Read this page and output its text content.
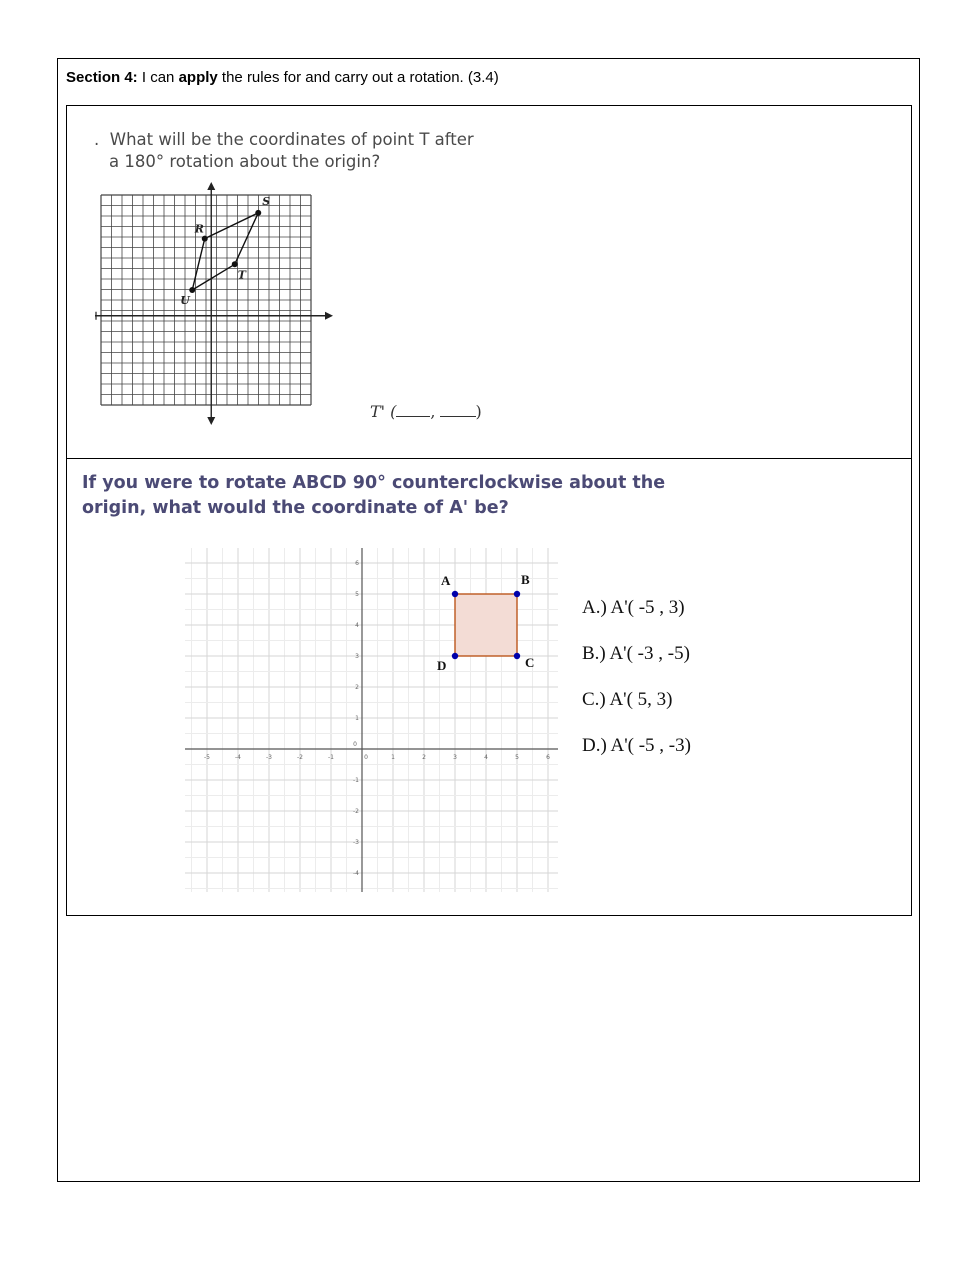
Section 4: I can apply the rules for and carry out a rotation. (3.4)
. What will be the coordinates of point T after
a 180° rotation about the origin?
U
R
S
T
T' ( ,	)
If you were to rotate ABCD 90° counterclockwise about the
origin, what would the coordinate of A' be?
-5	-4	-3	-2	-1	0	1	2	3	4	5	6
-4
-3
-2
-1
0
1
2
3
4
5
6
A	B
C
D
A.) A'( -5 , 3)
B.) A'( -3 , -5)
C.) A'( 5, 3)
D.) A'( -5 , -3)
